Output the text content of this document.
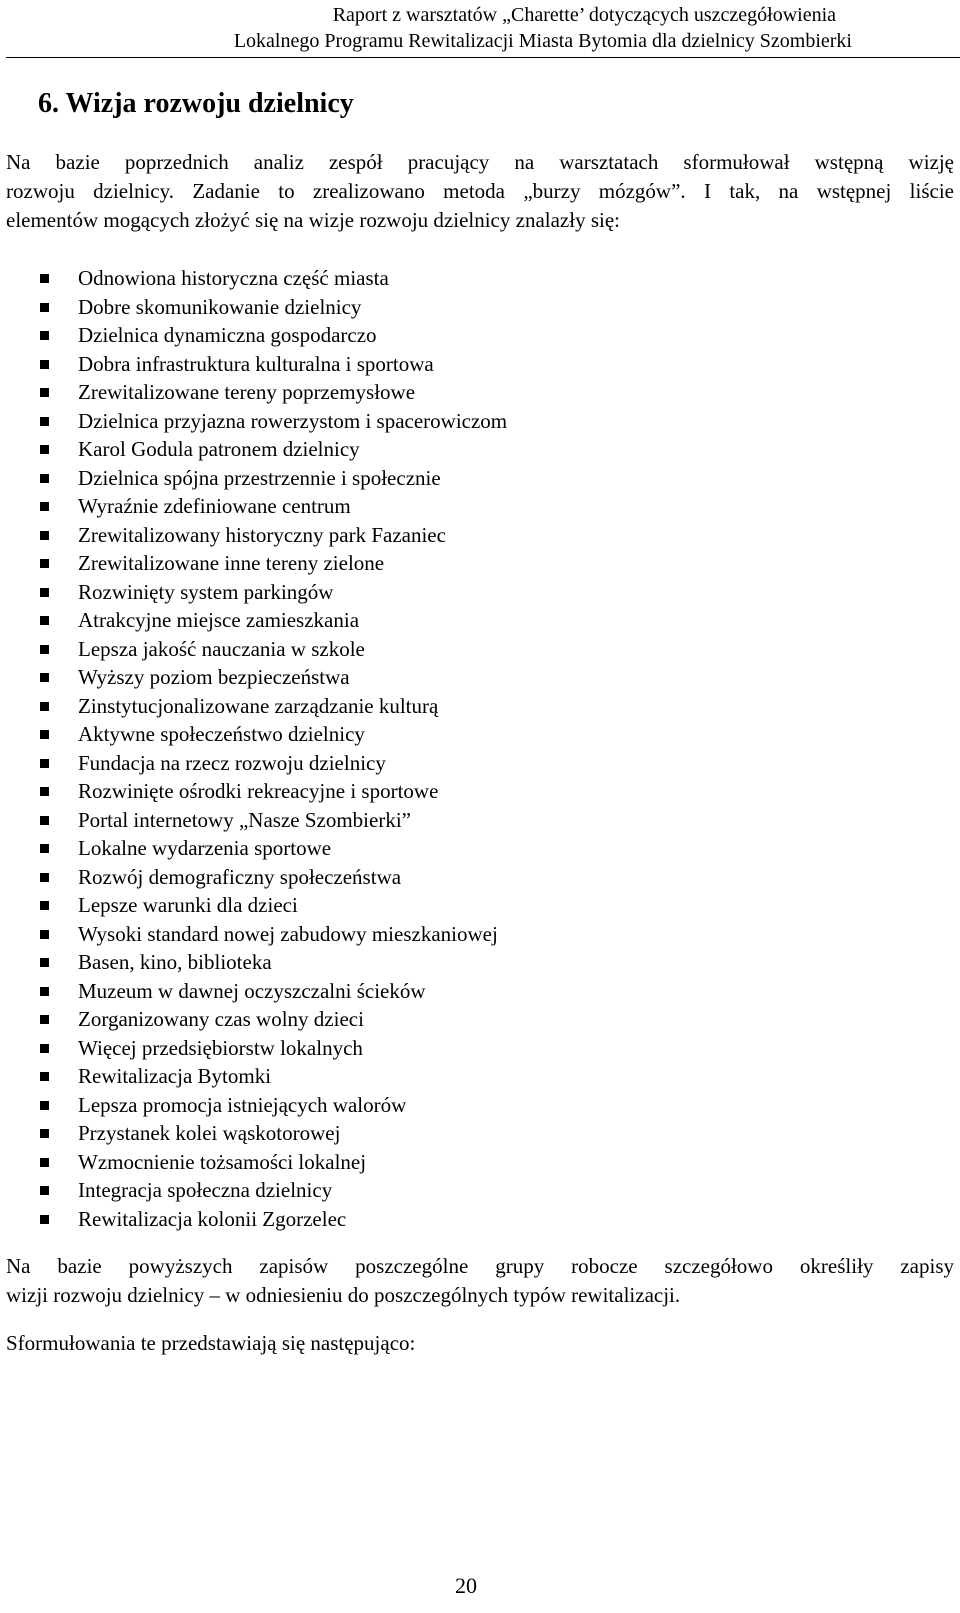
Raport z warsztatów „Charette’ dotyczących uszczegółowienia
Lokalnego Programu Rewitalizacji Miasta Bytomia dla dzielnicy Szombierki
6. Wizja rozwoju dzielnicy
Na bazie poprzednich analiz zespół pracujący na warsztatach sformułował wstępną wizję
rozwoju dzielnicy. Zadanie to zrealizowano metoda „burzy mózgów”. I tak, na wstępnej liście
elementów mogących złożyć się na wizje rozwoju dzielnicy znalazły się:
Odnowiona historyczna część miasta
Dobre skomunikowanie dzielnicy
Dzielnica dynamiczna gospodarczo
Dobra infrastruktura kulturalna i sportowa
Zrewitalizowane tereny poprzemysłowe
Dzielnica przyjazna rowerzystom i spacerowiczom
Karol Godula patronem dzielnicy
Dzielnica spójna przestrzennie i społecznie
Wyraźnie zdefiniowane centrum
Zrewitalizowany historyczny park Fazaniec
Zrewitalizowane inne tereny zielone
Rozwinięty system parkingów
Atrakcyjne miejsce zamieszkania
Lepsza jakość nauczania w szkole
Wyższy poziom bezpieczeństwa
Zinstytucjonalizowane zarządzanie kulturą
Aktywne społeczeństwo dzielnicy
Fundacja na rzecz rozwoju dzielnicy
Rozwinięte ośrodki rekreacyjne i sportowe
Portal internetowy „Nasze Szombierki”
Lokalne wydarzenia sportowe
Rozwój demograficzny społeczeństwa
Lepsze warunki dla dzieci
Wysoki standard nowej zabudowy mieszkaniowej
Basen, kino, biblioteka
Muzeum w dawnej oczyszczalni ścieków
Zorganizowany czas wolny dzieci
Więcej przedsiębiorstw lokalnych
Rewitalizacja Bytomki
Lepsza promocja istniejących walorów
Przystanek kolei wąskotorowej
Wzmocnienie tożsamości lokalnej
Integracja społeczna dzielnicy
Rewitalizacja kolonii Zgorzelec
Na bazie powyższych zapisów poszczególne grupy robocze szczegółowo określiły zapisy
wizji rozwoju dzielnicy – w odniesieniu do poszczególnych typów rewitalizacji.
Sformułowania te przedstawiają się następująco:
20
